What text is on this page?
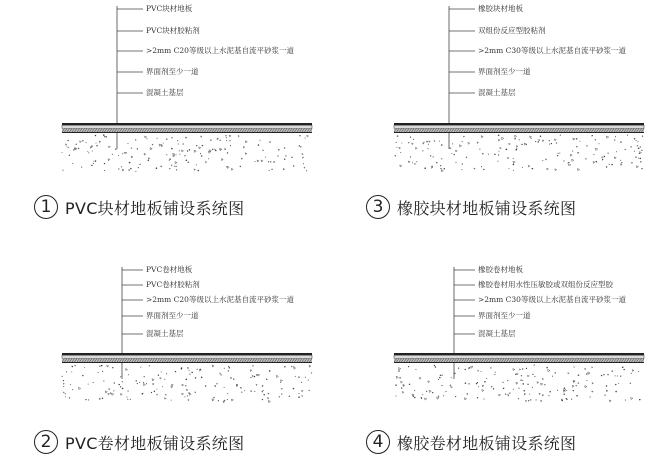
PVC块材地板
PVC块材胶粘剂
>2mm C20等级以上水泥基自流平砂浆一道
界面剂至少一道
混凝土基层
1 PVC块材地板铺设系统图
橡胶块材地板
双组份反应型胶粘剂
>2mm C30等级以上水泥基自流平砂浆一道
界面剂至少一道
混凝土基层
3 橡胶块材地板铺设系统图
PVC卷材地板
PVC卷材胶粘剂
>2mm C20等级以上水泥基自流平砂浆一道
界面剂至少一道
混凝土基层
2 PVC卷材地板铺设系统图
橡胶卷材地板
橡胶卷材用水性压敏胶或双组份反应型胶
>2mm C30等级以上水泥基自流平砂浆一道
界面剂至少一道
混凝土基层
4 橡胶卷材地板铺设系统图
